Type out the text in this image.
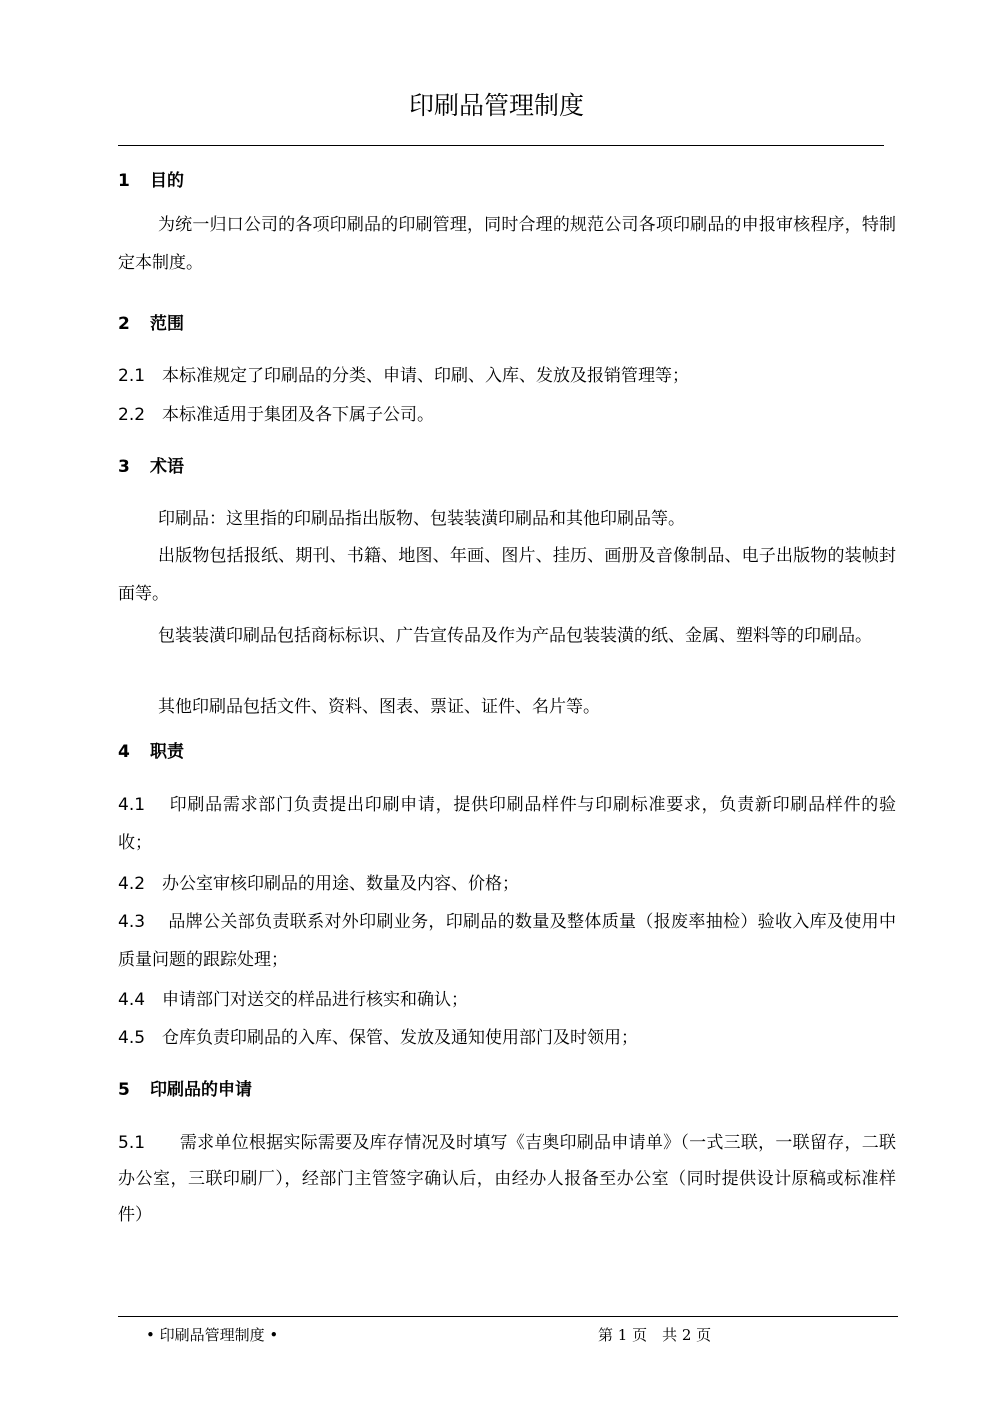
印刷品管理制度
1 目的
为统一归口公司的各项印刷品的印刷管理，同时合理的规范公司各项印刷品的申报审核程序，特制定本制度。
2 范围
2.1　本标准规定了印刷品的分类、申请、印刷、入库、发放及报销管理等；
2.2　本标准适用于集团及各下属子公司。
3 术语
印刷品：这里指的印刷品指出版物、包装装潢印刷品和其他印刷品等。
出版物包括报纸、期刊、书籍、地图、年画、图片、挂历、画册及音像制品、电子出版物的装帧封面等。
包装装潢印刷品包括商标标识、广告宣传品及作为产品包装装潢的纸、金属、塑料等的印刷品。
其他印刷品包括文件、资料、图表、票证、证件、名片等。
4 职责
4.1　 印刷品需求部门负责提出印刷申请，提供印刷品样件与印刷标准要求，负责新印刷品样件的验收；
4.2　办公室审核印刷品的用途、数量及内容、价格；
4.3　 品牌公关部负责联系对外印刷业务，印刷品的数量及整体质量（报废率抽检）验收入库及使用中质量问题的跟踪处理；
4.4　申请部门对送交的样品进行核实和确认；
4.5　仓库负责印刷品的入库、保管、发放及通知使用部门及时领用；
5 印刷品的申请
5.1　　需求单位根据实际需要及库存情况及时填写《吉奥印刷品申请单》（一式三联，一联留存，二联办公室，三联印刷厂），经部门主管签字确认后，由经办人报备至办公室（同时提供设计原稿或标准样件）
• 印刷品管理制度 •	第 1 页　共 2 页
